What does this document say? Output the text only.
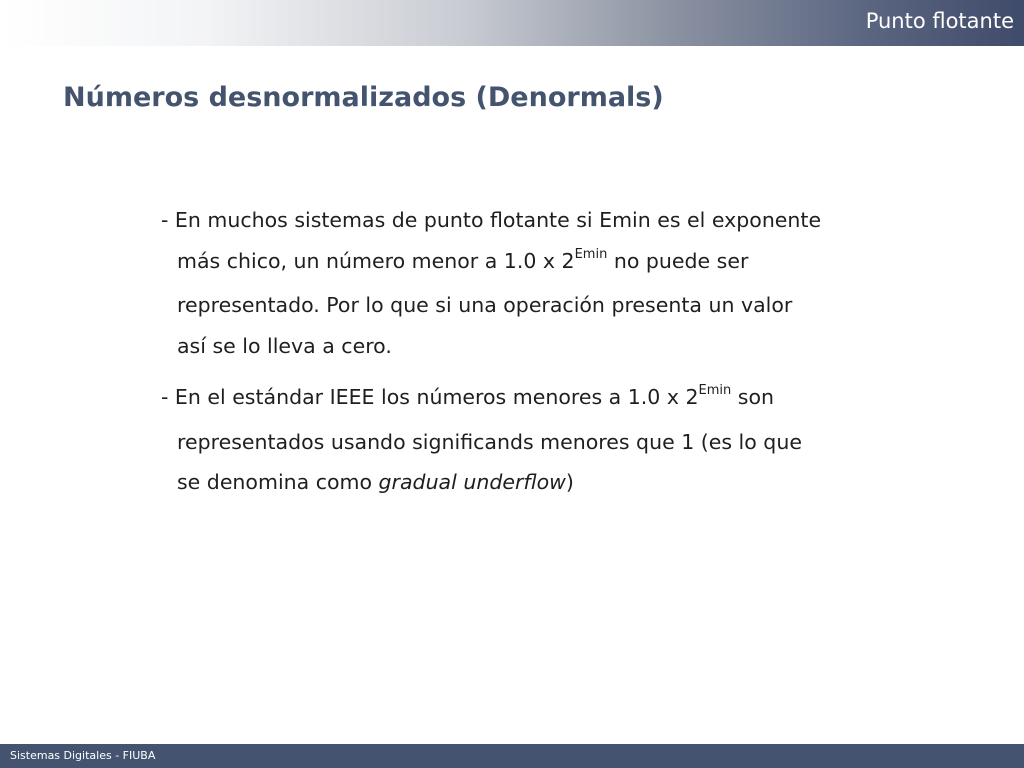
Punto flotante
Números desnormalizados (Denormals)
- En muchos sistemas de punto flotante si Emin es el exponente
más chico, un número menor a 1.0 x $2^{Emin}$ no puede ser
representado. Por lo que si una operación presenta un valor
así se lo lleva a cero.
- En el estándar IEEE los números menores a 1.0 x $2^{Emin}$ son
representados usando significands menores que 1 (es lo que
se denomina como gradual underflow)
Sistemas Digitales - FIUBA
